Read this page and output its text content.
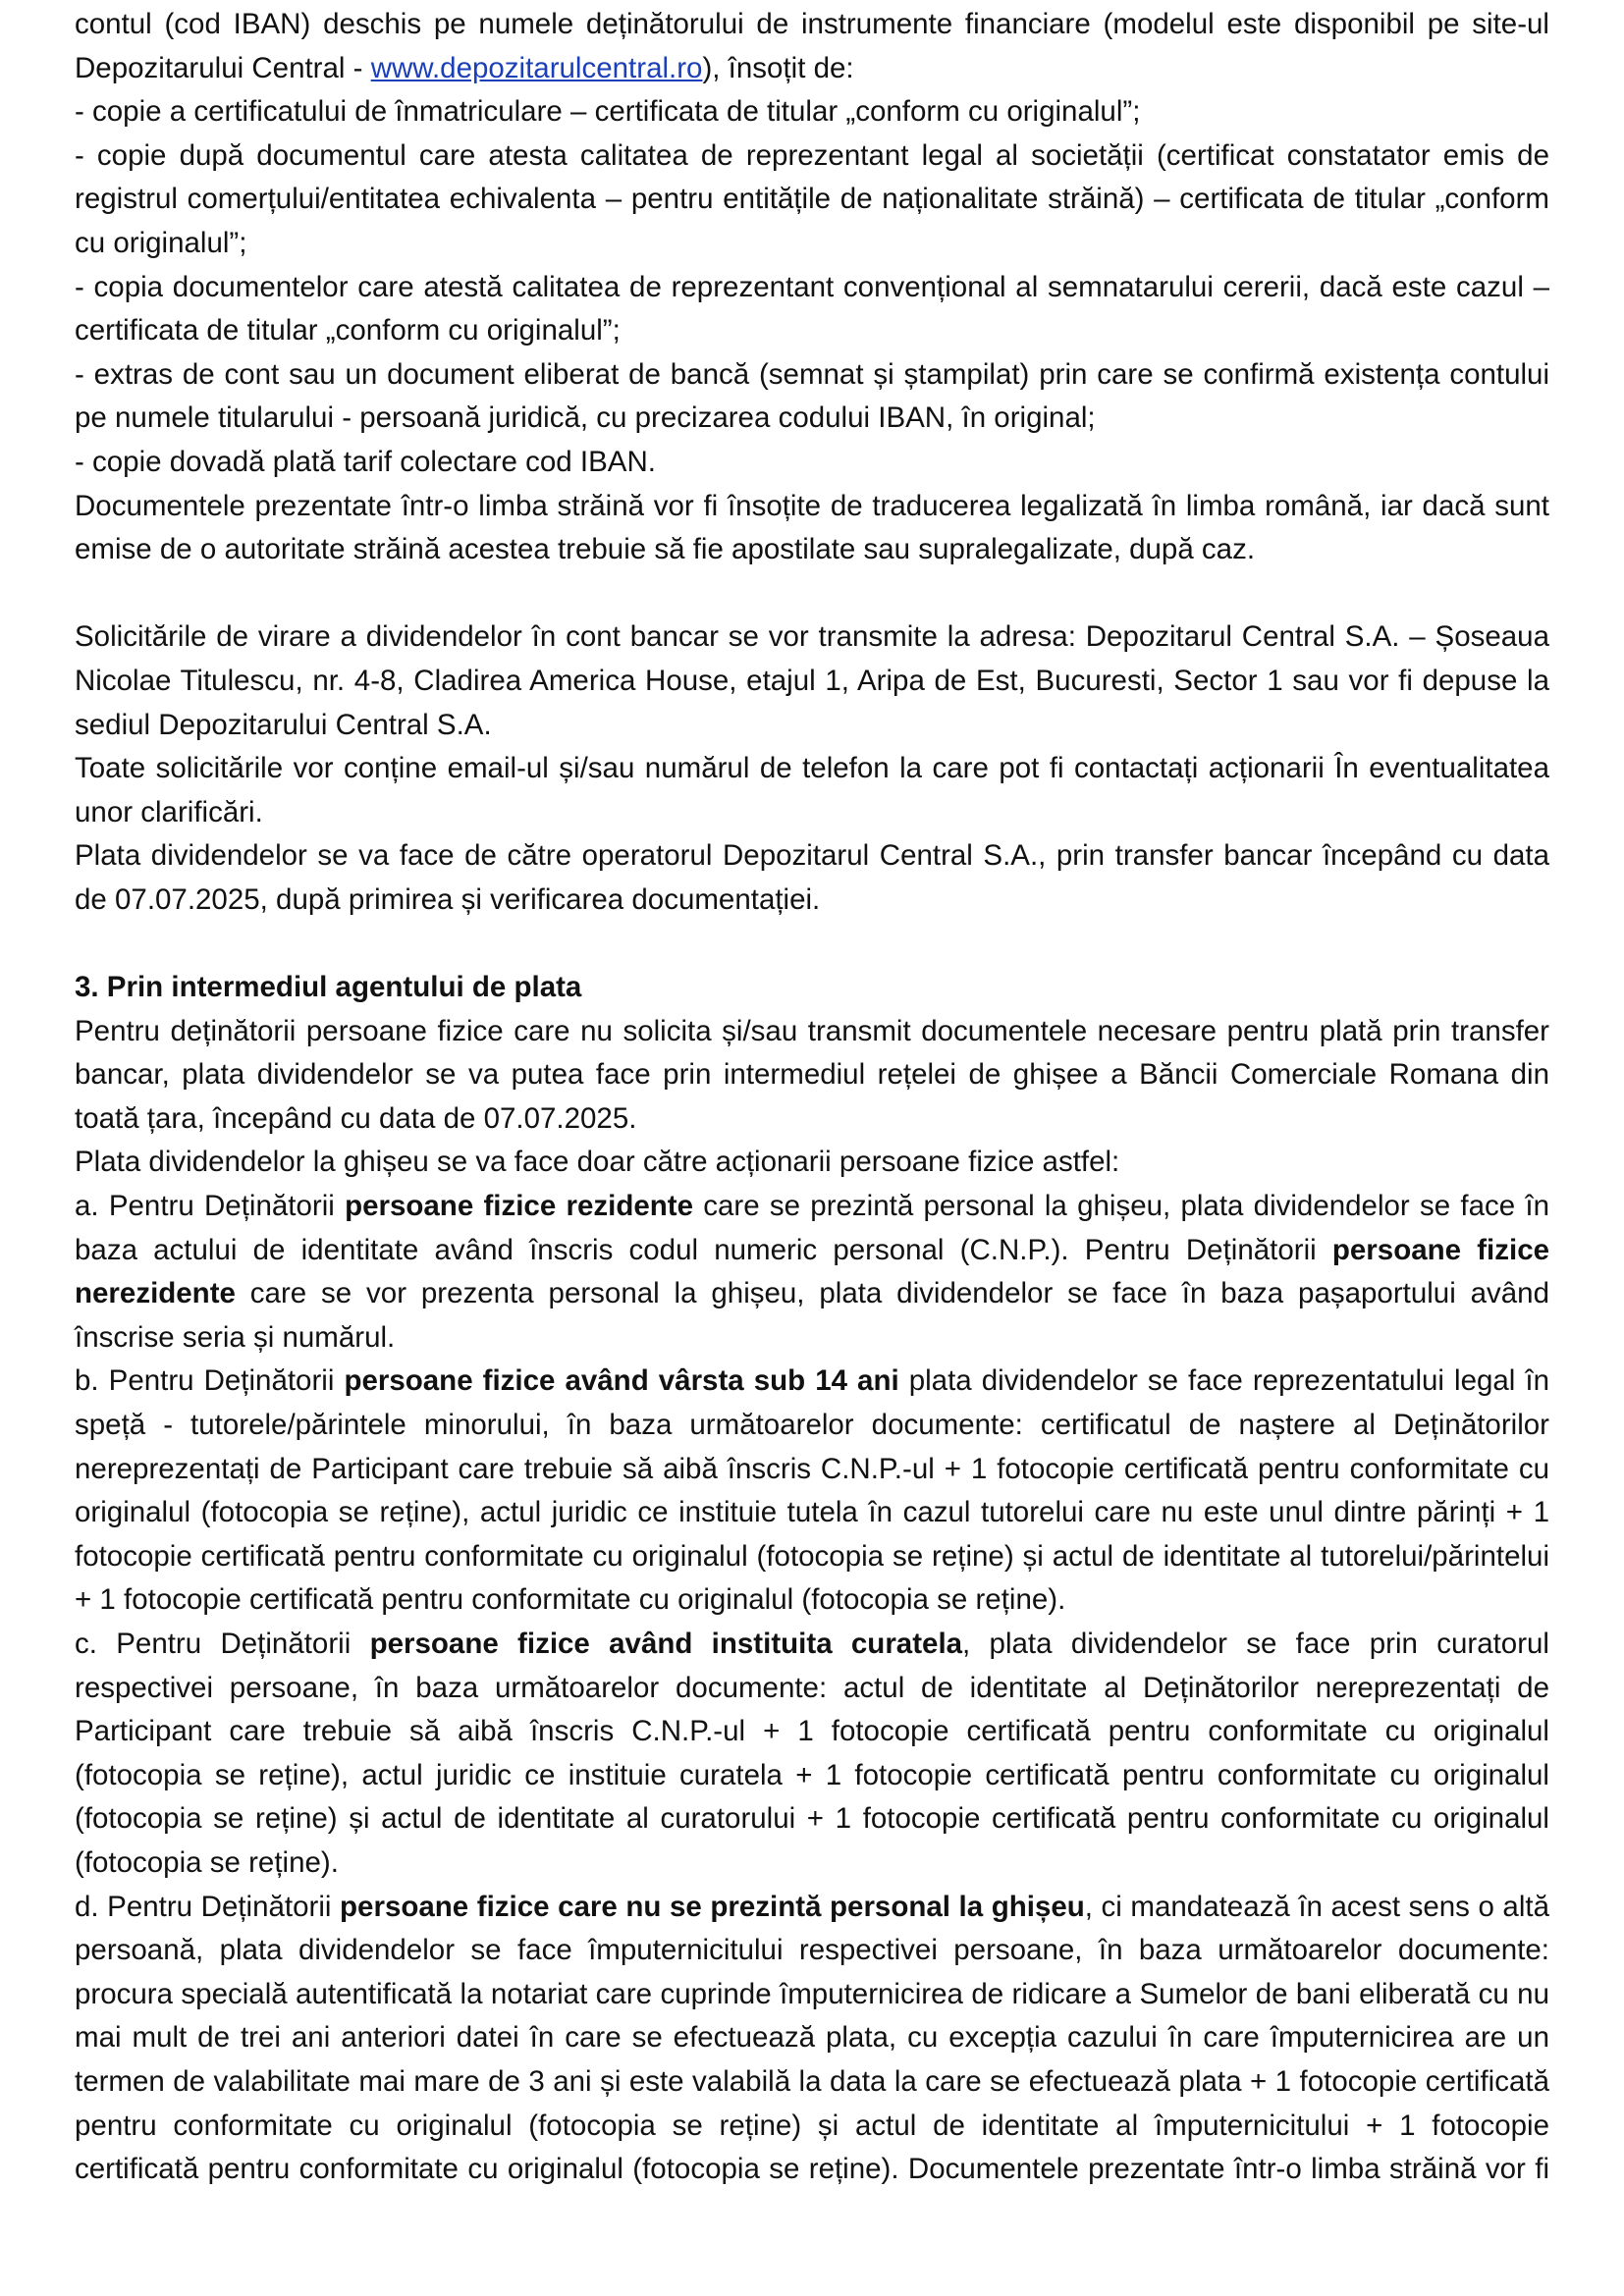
contul (cod IBAN) deschis pe numele deținătorului de instrumente financiare (modelul este disponibil pe site-ul Depozitarului Central - www.depozitarulcentral.ro), însoțit de:

- copie a certificatului de înmatriculare – certificata de titular „conform cu originalul”;

- copie după documentul care atesta calitatea de reprezentant legal al societății (certificat constatator emis de registrul comerțului/entitatea echivalenta – pentru entitățile de naționalitate străină) – certificata de titular „conform cu originalul”;

- copia documentelor care atestă calitatea de reprezentant convențional al semnatarului cererii, dacă este cazul – certificata de titular „conform cu originalul”;

- extras de cont sau un document eliberat de bancă (semnat și ștampilat) prin care se confirmă existența contului pe numele titularului - persoană juridică, cu precizarea codului IBAN, în original;

- copie dovadă plată tarif colectare cod IBAN.

Documentele prezentate într-o limba străină vor fi însoțite de traducerea legalizată în limba română, iar dacă sunt emise de o autoritate străină acestea trebuie să fie apostilate sau supralegalizate, după caz.

Solicitările de virare a dividendelor în cont bancar se vor transmite la adresa: Depozitarul Central S.A. – Șoseaua Nicolae Titulescu, nr. 4-8, Cladirea America House, etajul 1, Aripa de Est, Bucuresti, Sector 1 sau vor fi depuse la sediul Depozitarului Central S.A.

Toate solicitările vor conține email-ul și/sau numărul de telefon la care pot fi contactați acționarii În eventualitatea unor clarificări.

Plata dividendelor se va face de către operatorul Depozitarul Central S.A., prin transfer bancar începând cu data de 07.07.2025, după primirea și verificarea documentației.

3. Prin intermediul agentului de plata

Pentru deținătorii persoane fizice care nu solicita și/sau transmit documentele necesare pentru plată prin transfer bancar, plata dividendelor se va putea face prin intermediul rețelei de ghișee a Băncii Comerciale Romana din toată țara, începând cu data de 07.07.2025.

Plata dividendelor la ghișeu se va face doar către acționarii persoane fizice astfel:

a. Pentru Deținătorii persoane fizice rezidente care se prezintă personal la ghișeu, plata dividendelor se face în baza actului de identitate având înscris codul numeric personal (C.N.P.). Pentru Deținătorii persoane fizice nerezidente care se vor prezenta personal la ghișeu, plata dividendelor se face în baza pașaportului având înscrise seria și numărul.

b. Pentru Deținătorii persoane fizice având vârsta sub 14 ani plata dividendelor se face reprezentatului legal în speță - tutorele/părintele minorului, în baza următoarelor documente: certificatul de naștere al Deținătorilor nereprezentați de Participant care trebuie să aibă înscris C.N.P.-ul + 1 fotocopie certificată pentru conformitate cu originalul (fotocopia se reține), actul juridic ce instituie tutela în cazul tutorelui care nu este unul dintre părinți + 1 fotocopie certificată pentru conformitate cu originalul (fotocopia se reține) și actul de identitate al tutorelui/părintelui + 1 fotocopie certificată pentru conformitate cu originalul (fotocopia se reține).

c. Pentru Deținătorii persoane fizice având instituita curatela, plata dividendelor se face prin curatorul respectivei persoane, în baza următoarelor documente: actul de identitate al Deținătorilor nereprezentați de Participant care trebuie să aibă înscris C.N.P.-ul + 1 fotocopie certificată pentru conformitate cu originalul (fotocopia se reține), actul juridic ce instituie curatela + 1 fotocopie certificată pentru conformitate cu originalul (fotocopia se reține) și actul de identitate al curatorului + 1 fotocopie certificată pentru conformitate cu originalul (fotocopia se reține).

d. Pentru Deținătorii persoane fizice care nu se prezintă personal la ghișeu, ci mandatează în acest sens o altă persoană, plata dividendelor se face împuternicitului respectivei persoane, în baza următoarelor documente: procura specială autentificată la notariat care cuprinde împuternicirea de ridicare a Sumelor de bani eliberată cu nu mai mult de trei ani anteriori datei în care se efectuează plata, cu excepția cazului în care împuternicirea are un termen de valabilitate mai mare de 3 ani și este valabilă la data la care se efectuează plata + 1 fotocopie certificată pentru conformitate cu originalul (fotocopia se reține) și actul de identitate al împuternicitului + 1 fotocopie certificată pentru conformitate cu originalul (fotocopia se reține). Documentele prezentate într-o limba străină vor fi
